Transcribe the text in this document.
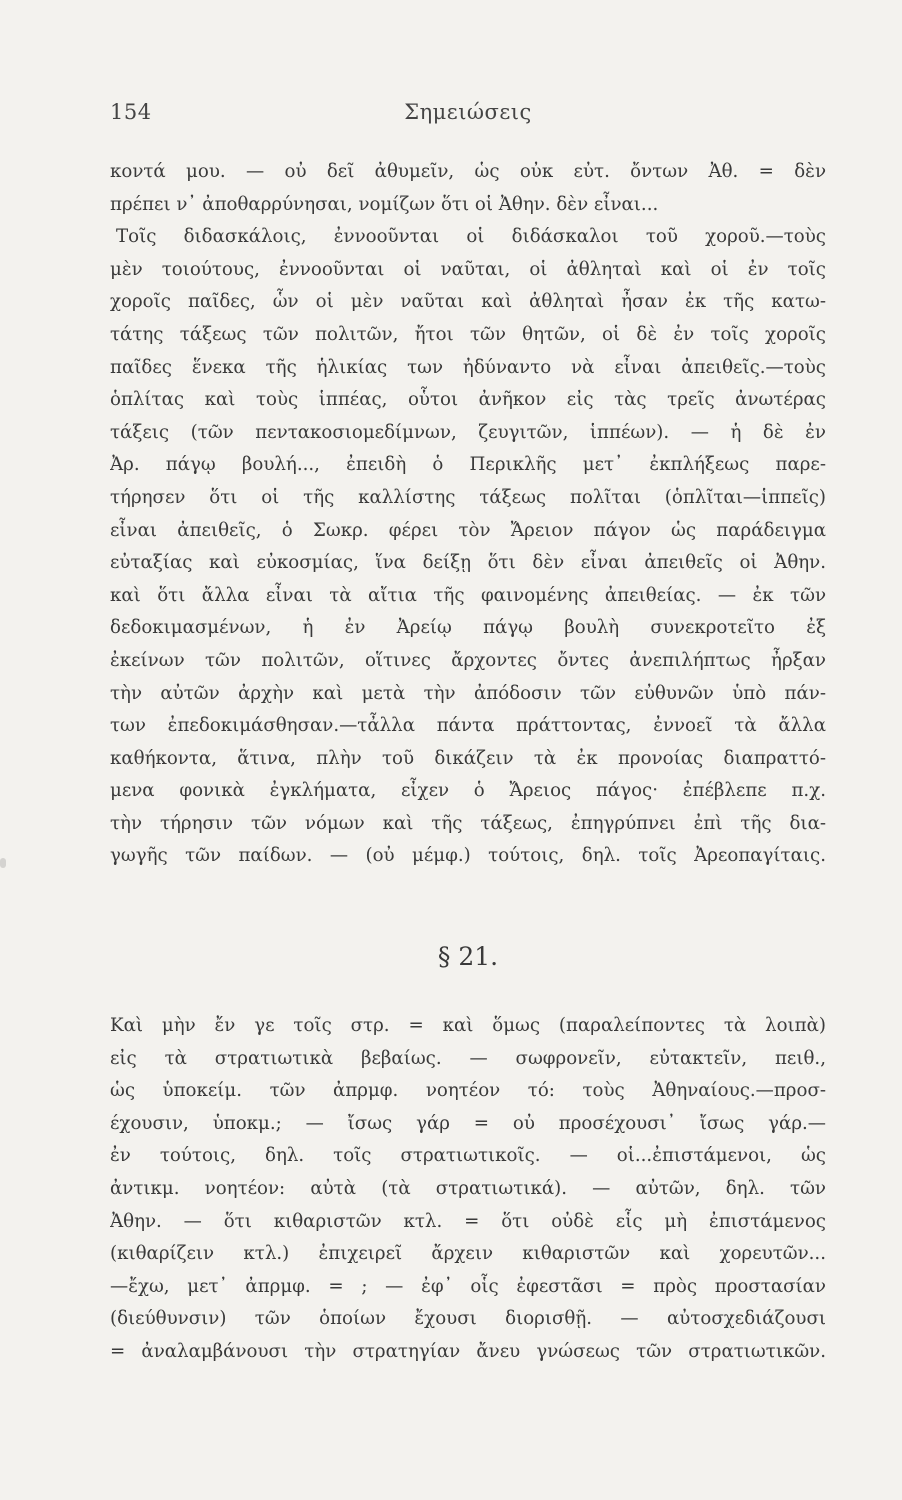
154	Σημειώσεις
κοντά μου. — οὐ δεῖ ἀθυμεῖν, ὡς οὐκ εὐτ. ὄντων Ἀθ. = δὲν
πρέπει ν᾽ ἀποθαρρύνησαι, νομίζων ὅτι οἱ Ἀθην. δὲν εἶναι...
Τοῖς διδασκάλοις, ἐννοοῦνται οἱ διδάσκαλοι τοῦ χοροῦ.—τοὺς
μὲν τοιούτους, ἐννοοῦνται οἱ ναῦται, οἱ ἀθληταὶ καὶ οἱ ἐν τοῖς
χοροῖς παῖδες, ὧν οἱ μὲν ναῦται καὶ ἀθληταὶ ἦσαν ἐκ τῆς κατω-
τάτης τάξεως τῶν πολιτῶν, ἤτοι τῶν θητῶν, οἱ δὲ ἐν τοῖς χοροῖς
παῖδες ἕνεκα τῆς ἡλικίας των ἠδύναντο νὰ εἶναι ἀπειθεῖς.—τοὺς
ὁπλίτας καὶ τοὺς ἱππέας, οὗτοι ἀνῆκον εἰς τὰς τρεῖς ἀνωτέρας
τάξεις (τῶν πεντακοσιομεδίμνων, ζευγιτῶν, ἱππέων). — ἡ δὲ ἐν
Ἀρ. πάγῳ βουλή..., ἐπειδὴ ὁ Περικλῆς μετ᾽ ἐκπλήξεως παρε-
τήρησεν ὅτι οἱ τῆς καλλίστης τάξεως πολῖται (ὁπλῖται—ἱππεῖς)
εἶναι ἀπειθεῖς, ὁ Σωκρ. φέρει τὸν Ἄρειον πάγον ὡς παράδειγμα
εὐταξίας καὶ εὐκοσμίας, ἵνα δείξῃ ὅτι δὲν εἶναι ἀπειθεῖς οἱ Ἀθην.
καὶ ὅτι ἄλλα εἶναι τὰ αἴτια τῆς φαινομένης ἀπειθείας. — ἐκ τῶν
δεδοκιμασμένων, ἡ ἐν Ἀρείῳ πάγῳ βουλὴ συνεκροτεῖτο ἐξ
ἐκείνων τῶν πολιτῶν, οἵτινες ἄρχοντες ὄντες ἀνεπιλήπτως ἦρξαν
τὴν αὐτῶν ἀρχὴν καὶ μετὰ τὴν ἀπόδοσιν τῶν εὐθυνῶν ὑπὸ πάν-
των ἐπεδοκιμάσθησαν.—τἆλλα πάντα πράττοντας, ἐννοεῖ τὰ ἄλλα
καθήκοντα, ἅτινα, πλὴν τοῦ δικάζειν τὰ ἐκ προνοίας διαπραττό-
μενα φονικὰ ἐγκλήματα, εἶχεν ὁ Ἄρειος πάγος· ἐπέβλεπε π.χ.
τὴν τήρησιν τῶν νόμων καὶ τῆς τάξεως, ἐπηγρύπνει ἐπὶ τῆς δια-
γωγῆς τῶν παίδων. — (οὐ μέμφ.) τούτοις, δηλ. τοῖς Ἀρεοπαγίταις.
§ 21.
Καὶ μὴν ἔν γε τοῖς στρ. = καὶ ὅμως (παραλείποντες τὰ λοιπὰ)
εἰς τὰ στρατιωτικὰ βεβαίως. — σωφρονεῖν, εὐτακτεῖν, πειθ.,
ὡς ὑποκείμ. τῶν ἀπρμφ. νοητέον τό: τοὺς Ἀθηναίους.—προσ-
έχουσιν, ὑποκμ.; — ἴσως γάρ = οὐ προσέχουσι᾽ ἴσως γάρ.—
ἐν τούτοις, δηλ. τοῖς στρατιωτικοῖς. — οἱ...ἐπιστάμενοι, ὡς
ἀντικμ. νοητέον: αὐτὰ (τὰ στρατιωτικά). — αὐτῶν, δηλ. τῶν
Ἀθην. — ὅτι κιθαριστῶν κτλ. = ὅτι οὐδὲ εἷς μὴ ἐπιστάμενος
(κιθαρίζειν κτλ.) ἐπιχειρεῖ ἄρχειν κιθαριστῶν καὶ χορευτῶν...
—ἔχω, μετ᾽ ἀπρμφ. = ; — ἐφ᾽ οἷς ἐφεστᾶσι = πρὸς προστασίαν
(διεύθυνσιν) τῶν ὁποίων ἔχουσι διορισθῇ. — αὐτοσχεδιάζουσι
= ἀναλαμβάνουσι τὴν στρατηγίαν ἄνευ γνώσεως τῶν στρατιωτικῶν.
